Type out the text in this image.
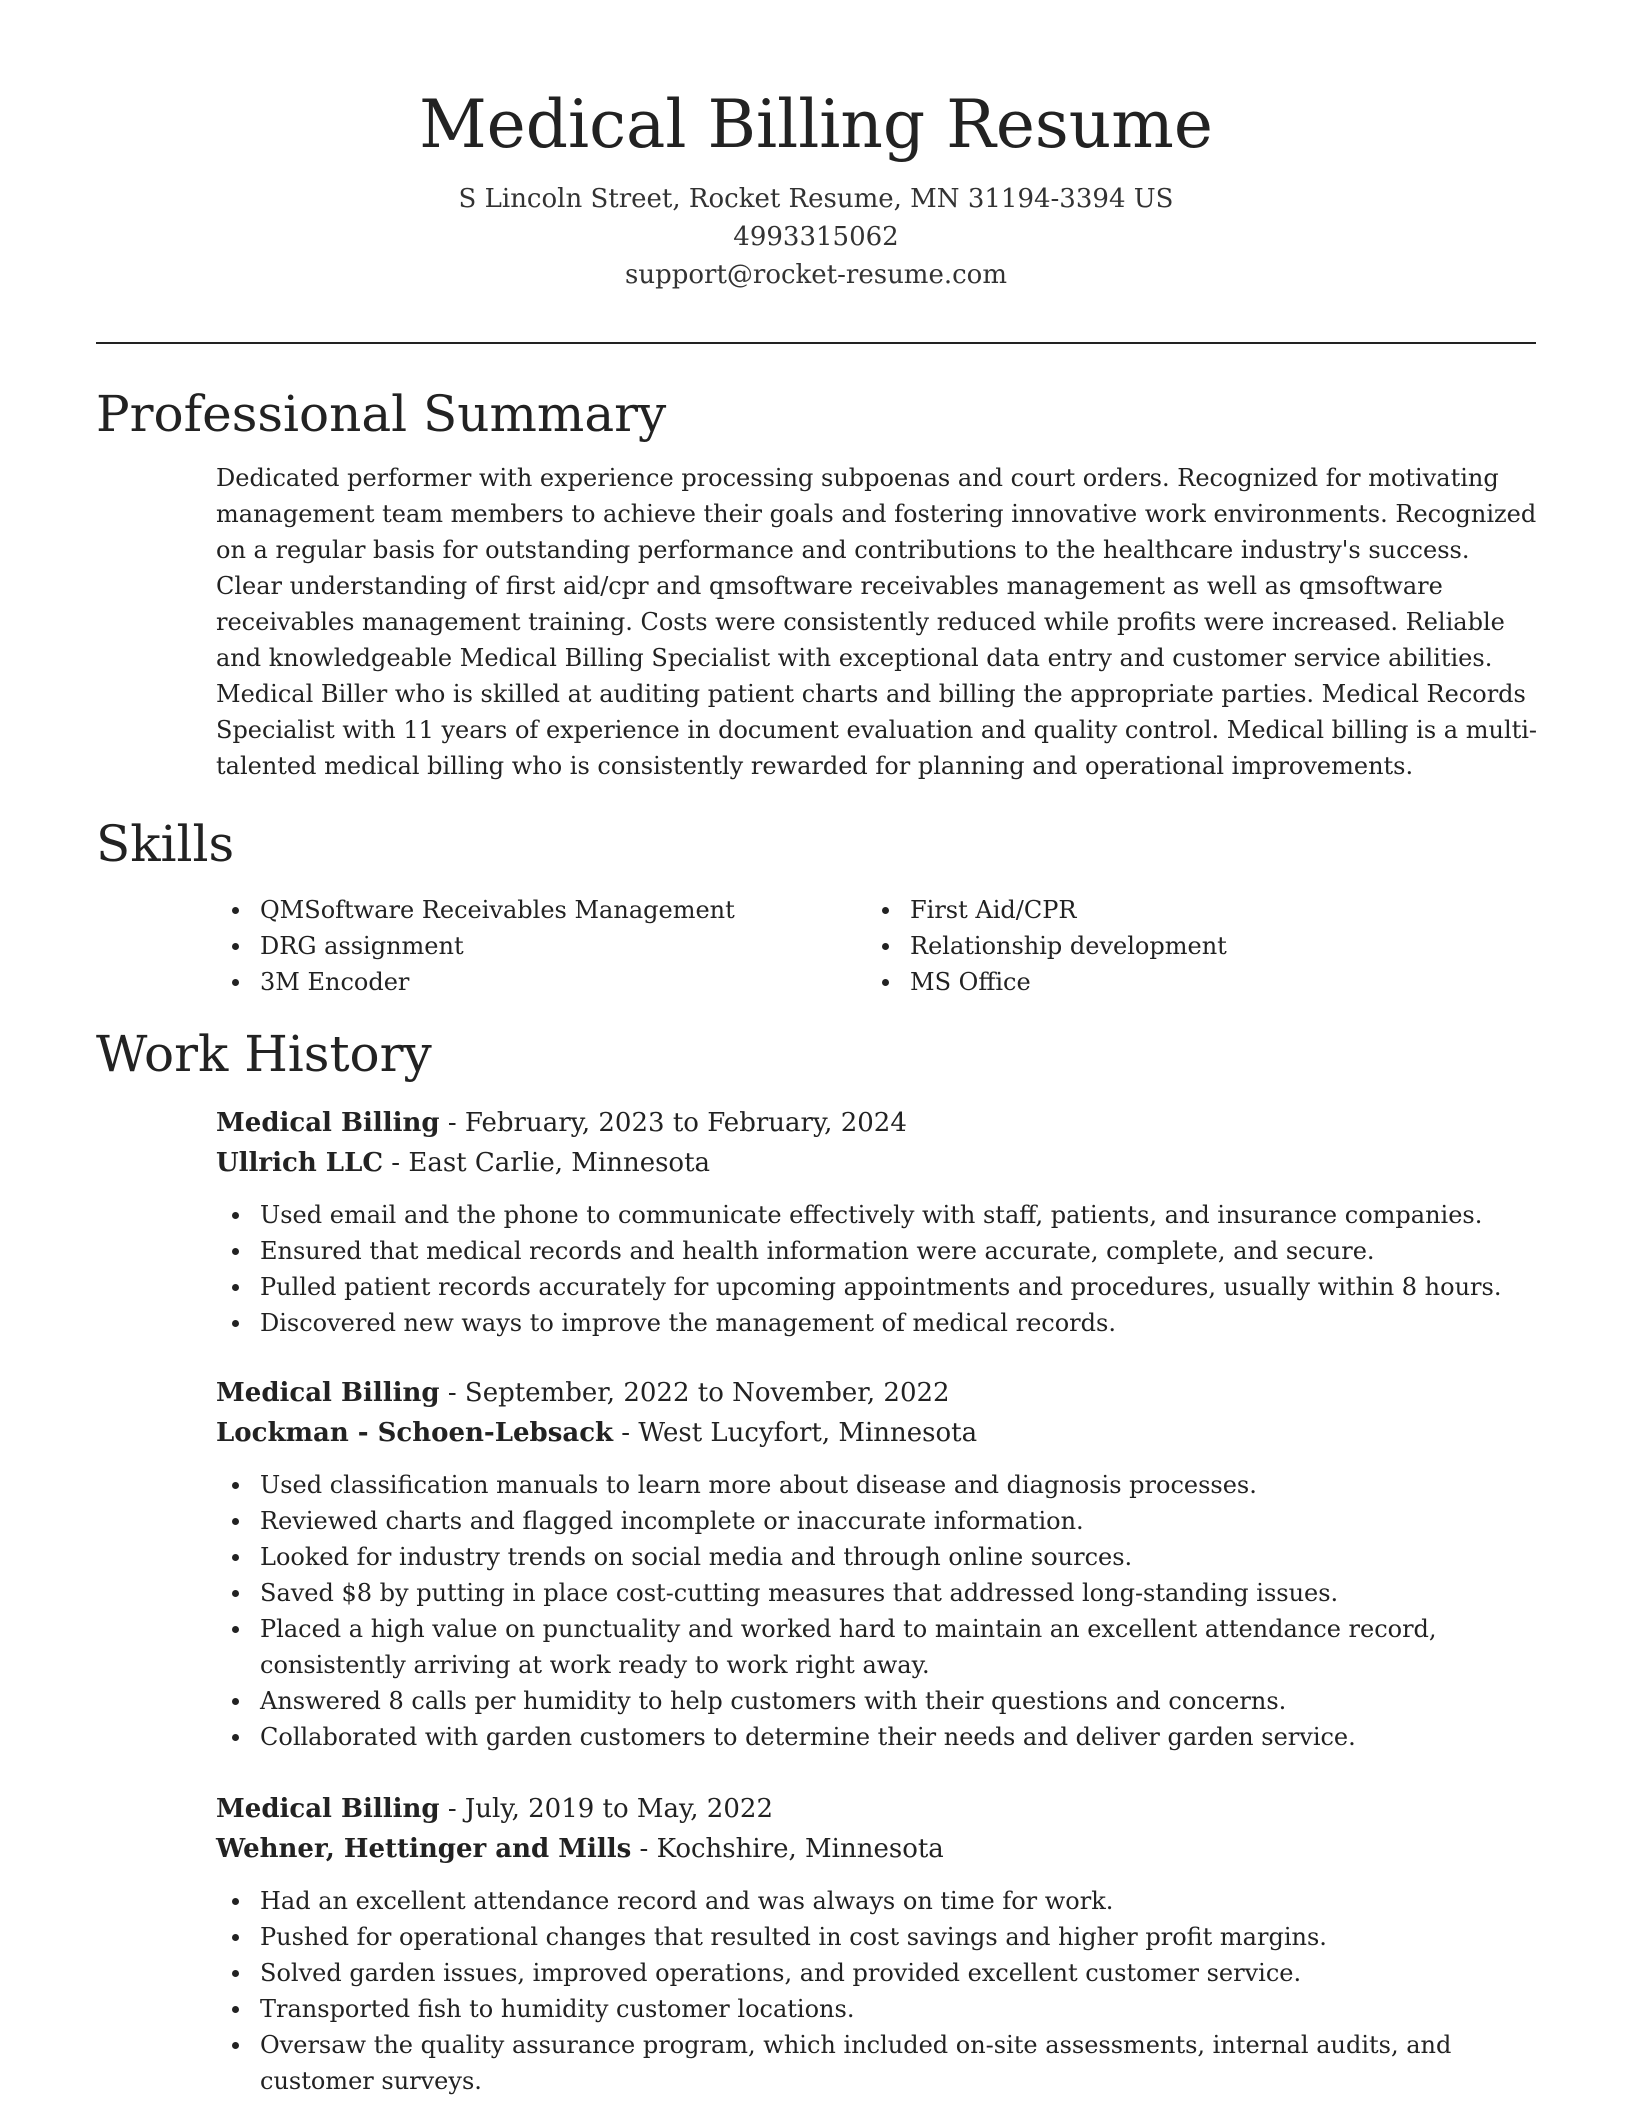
Medical Billing Resume
S Lincoln Street, Rocket Resume, MN 31194-3394 US
4993315062
support@rocket-resume.com
Professional Summary
Dedicated performer with experience processing subpoenas and court orders. Recognized for motivating management team members to achieve their goals and fostering innovative work environments. Recognized on a regular basis for outstanding performance and contributions to the healthcare industry's success. Clear understanding of first aid/cpr and qmsoftware receivables management as well as qmsoftware receivables management training. Costs were consistently reduced while profits were increased. Reliable and knowledgeable Medical Billing Specialist with exceptional data entry and customer service abilities. Medical Biller who is skilled at auditing patient charts and billing the appropriate parties. Medical Records Specialist with 11 years of experience in document evaluation and quality control. Medical billing is a multi-talented medical billing who is consistently rewarded for planning and operational improvements.
Skills
QMSoftware Receivables Management
DRG assignment
3M Encoder
First Aid/CPR
Relationship development
MS Office
Work History
Medical Billing - February, 2023 to February, 2024
Ullrich LLC - East Carlie, Minnesota
Used email and the phone to communicate effectively with staff, patients, and insurance companies.
Ensured that medical records and health information were accurate, complete, and secure.
Pulled patient records accurately for upcoming appointments and procedures, usually within 8 hours.
Discovered new ways to improve the management of medical records.
Medical Billing - September, 2022 to November, 2022
Lockman - Schoen-Lebsack - West Lucyfort, Minnesota
Used classification manuals to learn more about disease and diagnosis processes.
Reviewed charts and flagged incomplete or inaccurate information.
Looked for industry trends on social media and through online sources.
Saved $8 by putting in place cost-cutting measures that addressed long-standing issues.
Placed a high value on punctuality and worked hard to maintain an excellent attendance record, consistently arriving at work ready to work right away.
Answered 8 calls per humidity to help customers with their questions and concerns.
Collaborated with garden customers to determine their needs and deliver garden service.
Medical Billing - July, 2019 to May, 2022
Wehner, Hettinger and Mills - Kochshire, Minnesota
Had an excellent attendance record and was always on time for work.
Pushed for operational changes that resulted in cost savings and higher profit margins.
Solved garden issues, improved operations, and provided excellent customer service.
Transported fish to humidity customer locations.
Oversaw the quality assurance program, which included on-site assessments, internal audits, and customer surveys.
